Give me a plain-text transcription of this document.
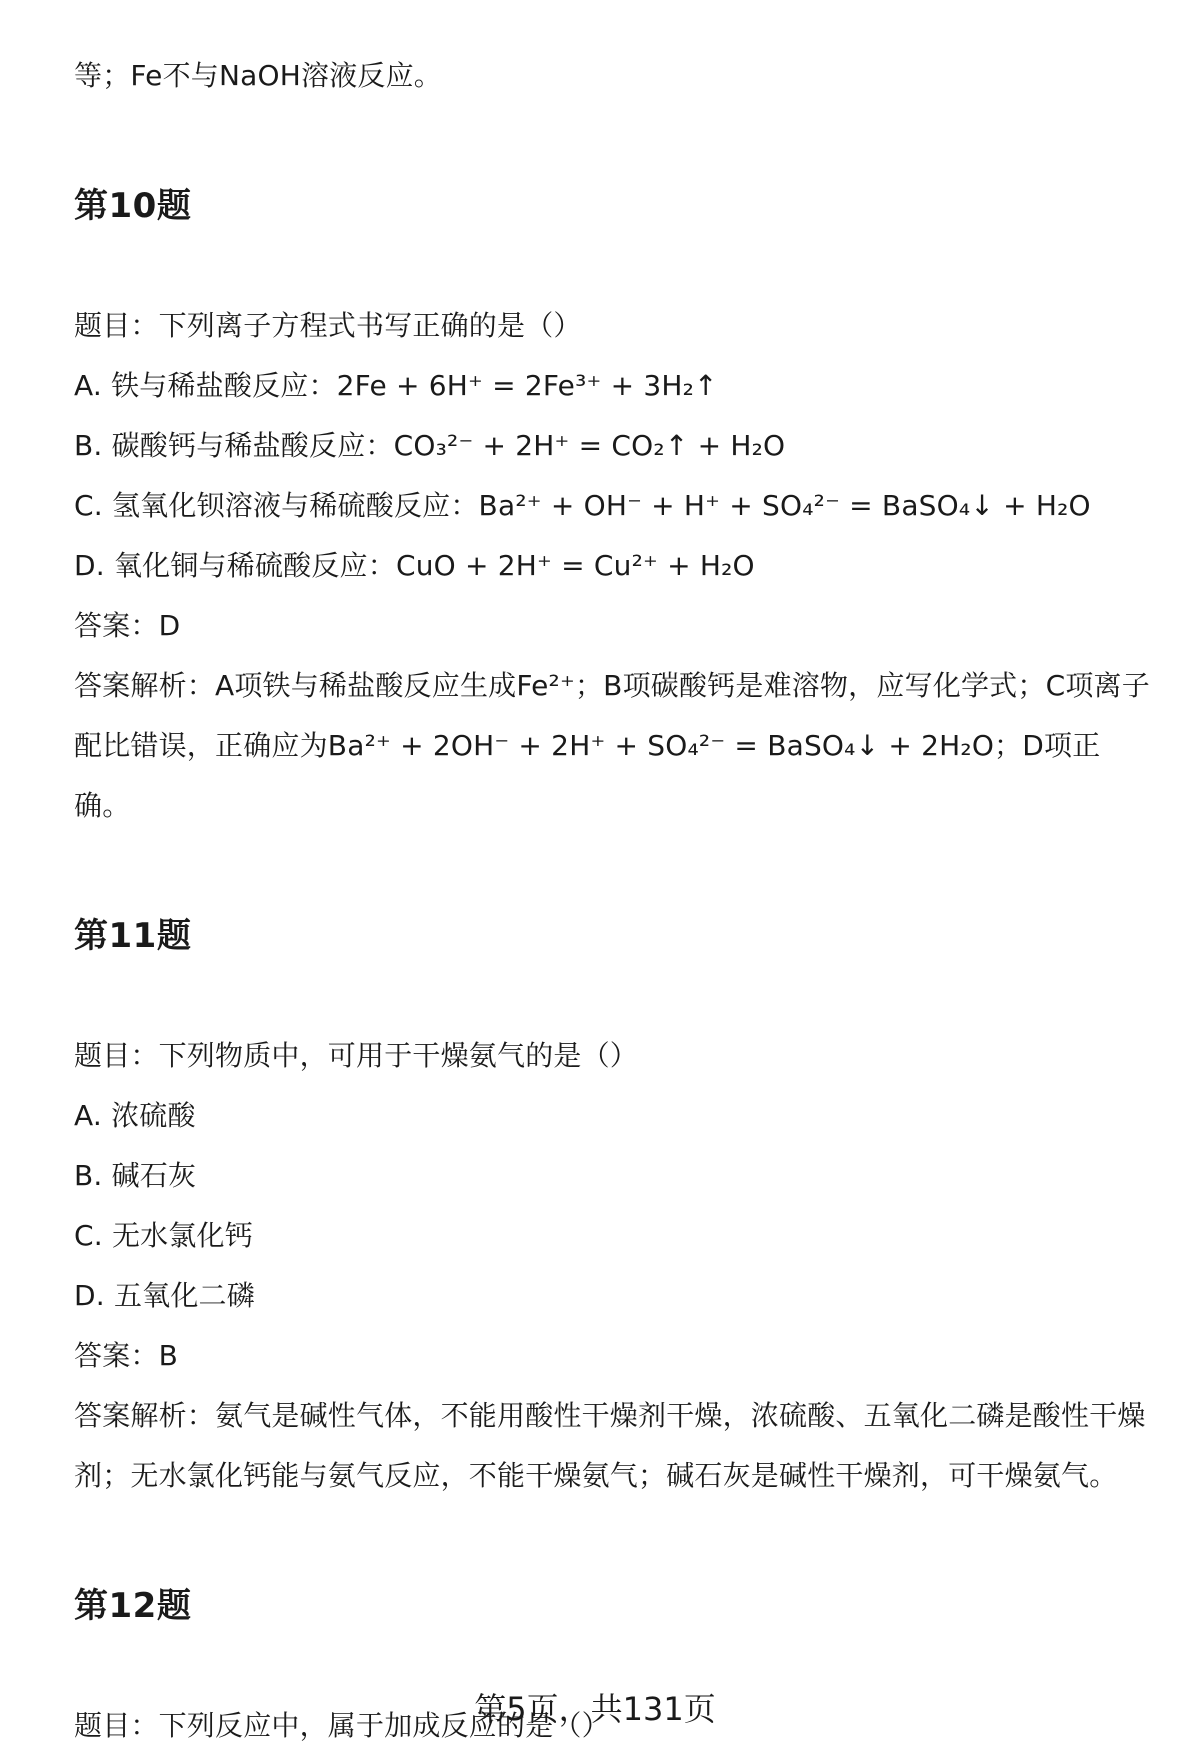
等；Fe不与NaOH溶液反应。
第10题
题目：下列离子方程式书写正确的是（）
A. 铁与稀盐酸反应：2Fe + 6H⁺ = 2Fe³⁺ + 3H₂↑
B. 碳酸钙与稀盐酸反应：CO₃²⁻ + 2H⁺ = CO₂↑ + H₂O
C. 氢氧化钡溶液与稀硫酸反应：Ba²⁺ + OH⁻ + H⁺ + SO₄²⁻ = BaSO₄↓ + H₂O
D. 氧化铜与稀硫酸反应：CuO + 2H⁺ = Cu²⁺ + H₂O
答案：D
答案解析：A项铁与稀盐酸反应生成Fe²⁺；B项碳酸钙是难溶物，应写化学式；C项离子配比错误，正确应为Ba²⁺ + 2OH⁻ + 2H⁺ + SO₄²⁻ = BaSO₄↓ + 2H₂O；D项正确。
第11题
题目：下列物质中，可用于干燥氨气的是（）
A. 浓硫酸
B. 碱石灰
C. 无水氯化钙
D. 五氧化二磷
答案：B
答案解析：氨气是碱性气体，不能用酸性干燥剂干燥，浓硫酸、五氧化二磷是酸性干燥剂；无水氯化钙能与氨气反应，不能干燥氨气；碱石灰是碱性干燥剂，可干燥氨气。
第12题
题目：下列反应中，属于加成反应的是（）
第5页，共131页
